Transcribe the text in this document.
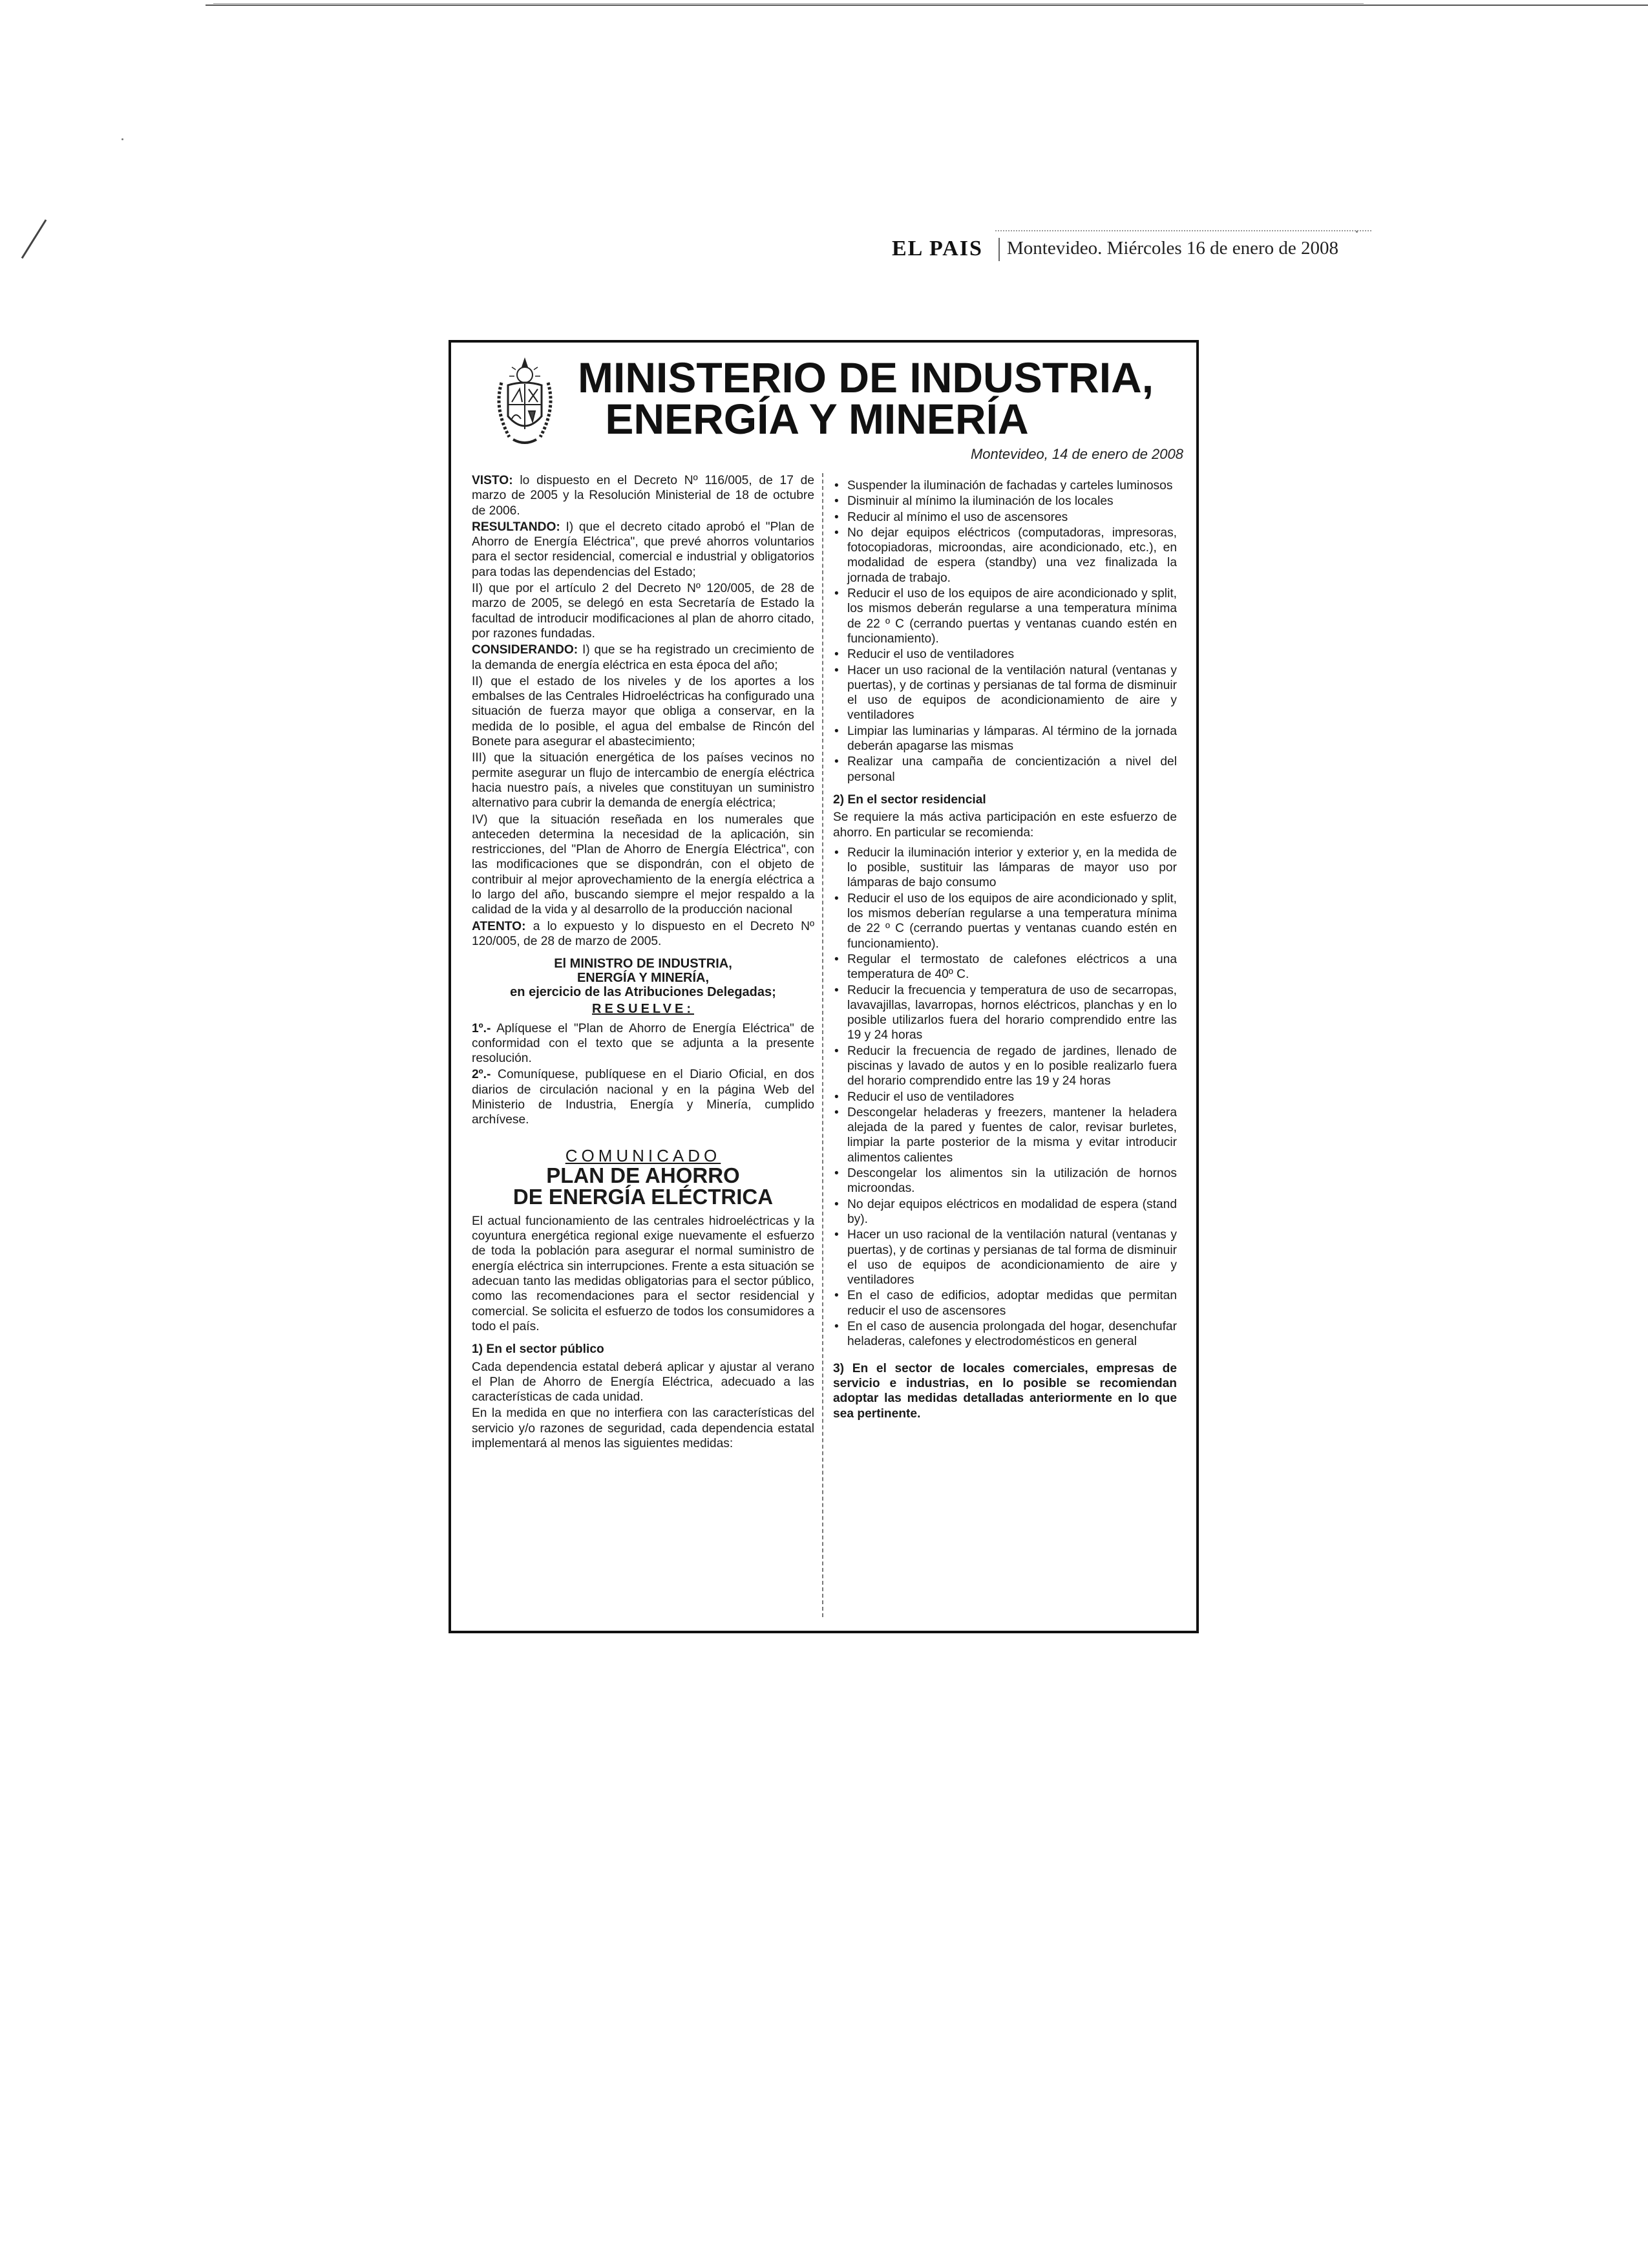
EL PAIS Montevideo. Miércoles 16 de enero de 2008
MINISTERIO DE INDUSTRIA,
ENERGÍA Y MINERÍA
Montevideo, 14 de enero de 2008

VISTO: lo dispuesto en el Decreto Nº 116/005, de 17 de marzo de 2005 y la Resolución Ministerial de 18 de octubre de 2006.

RESULTANDO: I) que el decreto citado aprobó el "Plan de Ahorro de Energía Eléctrica", que prevé ahorros voluntarios para el sector residencial, comercial e industrial y obligatorios para todas las dependencias del Estado;

II) que por el artículo 2 del Decreto Nº 120/005, de 28 de marzo de 2005, se delegó en esta Secretaría de Estado la facultad de introducir modificaciones al plan de ahorro citado, por razones fundadas.

CONSIDERANDO: I) que se ha registrado un crecimiento de la demanda de energía eléctrica en esta época del año;

II) que el estado de los niveles y de los aportes a los embalses de las Centrales Hidroeléctricas ha configurado una situación de fuerza mayor que obliga a conservar, en la medida de lo posible, el agua del embalse de Rincón del Bonete para asegurar el abastecimiento;

III) que la situación energética de los países vecinos no permite asegurar un flujo de intercambio de energía eléctrica hacia nuestro país, a niveles que constituyan un suministro alternativo para cubrir la demanda de energía eléctrica;

IV) que la situación reseñada en los numerales que anteceden determina la necesidad de la aplicación, sin restricciones, del "Plan de Ahorro de Energía Eléctrica", con las modificaciones que se dispondrán, con el objeto de contribuir al mejor aprovechamiento de la energía eléctrica a lo largo del año, buscando siempre el mejor respaldo a la calidad de la vida y al desarrollo de la producción nacional

ATENTO: a lo expuesto y lo dispuesto en el Decreto Nº 120/005, de 28 de marzo de 2005.

El MINISTRO DE INDUSTRIA,
ENERGÍA Y MINERÍA,
en ejercicio de las Atribuciones Delegadas;

RESUELVE:

1º.- Aplíquese el "Plan de Ahorro de Energía Eléctrica" de conformidad con el texto que se adjunta a la presente resolución.

2º.- Comuníquese, publíquese en el Diario Oficial, en dos diarios de circulación nacional y en la página Web del Ministerio de Industria, Energía y Minería, cumplido archívese.

COMUNICADO

PLAN DE AHORRO
DE ENERGÍA ELÉCTRICA

El actual funcionamiento de las centrales hidroeléctricas y la coyuntura energética regional exige nuevamente el esfuerzo de toda la población para asegurar el normal suministro de energía eléctrica sin interrupciones. Frente a esta situación se adecuan tanto las medidas obligatorias para el sector público, como las recomendaciones para el sector residencial y comercial. Se solicita el esfuerzo de todos los consumidores a todo el país.

1) En el sector público

Cada dependencia estatal deberá aplicar y ajustar al verano el Plan de Ahorro de Energía Eléctrica, adecuado a las características de cada unidad.

En la medida en que no interfiera con las características del servicio y/o razones de seguridad, cada dependencia estatal implementará al menos las siguientes medidas:

• Suspender la iluminación de fachadas y carteles luminosos
• Disminuir al mínimo la iluminación de los locales
• Reducir al mínimo el uso de ascensores
• No dejar equipos eléctricos (computadoras, impresoras, fotocopiadoras, microondas, aire acondicionado, etc.), en modalidad de espera (standby) una vez finalizada la jornada de trabajo.
• Reducir el uso de los equipos de aire acondicionado y split, los mismos deberán regularse a una temperatura mínima de 22 º C (cerrando puertas y ventanas cuando estén en funcionamiento).
• Reducir el uso de ventiladores
• Hacer un uso racional de la ventilación natural (ventanas y puertas), y de cortinas y persianas de tal forma de disminuir el uso de equipos de acondicionamiento de aire y ventiladores
• Limpiar las luminarias y lámparas. Al término de la jornada deberán apagarse las mismas
• Realizar una campaña de concientización a nivel del personal

2) En el sector residencial

Se requiere la más activa participación en este esfuerzo de ahorro. En particular se recomienda:

• Reducir la iluminación interior y exterior y, en la medida de lo posible, sustituir las lámparas de mayor uso por lámparas de bajo consumo
• Reducir el uso de los equipos de aire acondicionado y split, los mismos deberían regularse a una temperatura mínima de 22 º C (cerrando puertas y ventanas cuando estén en funcionamiento).
• Regular el termostato de calefones eléctricos a una temperatura de 40º C.
• Reducir la frecuencia y temperatura de uso de secarropas, lavavajillas, lavarropas, hornos eléctricos, planchas y en lo posible utilizarlos fuera del horario comprendido entre las 19 y 24 horas
• Reducir la frecuencia de regado de jardines, llenado de piscinas y lavado de autos y en lo posible realizarlo fuera del horario comprendido entre las 19 y 24 horas
• Reducir el uso de ventiladores
• Descongelar heladeras y freezers, mantener la heladera alejada de la pared y fuentes de calor, revisar burletes, limpiar la parte posterior de la misma y evitar introducir alimentos calientes
• Descongelar los alimentos sin la utilización de hornos microondas.
• No dejar equipos eléctricos en modalidad de espera (stand by).
• Hacer un uso racional de la ventilación natural (ventanas y puertas), y de cortinas y persianas de tal forma de disminuir el uso de equipos de acondicionamiento de aire y ventiladores
• En el caso de edificios, adoptar medidas que permitan reducir el uso de ascensores
• En el caso de ausencia prolongada del hogar, desenchufar heladeras, calefones y electrodomésticos en general

3) En el sector de locales comerciales, empresas de servicio e industrias, en lo posible se recomiendan adoptar las medidas detalladas anteriormente en lo que sea pertinente.
